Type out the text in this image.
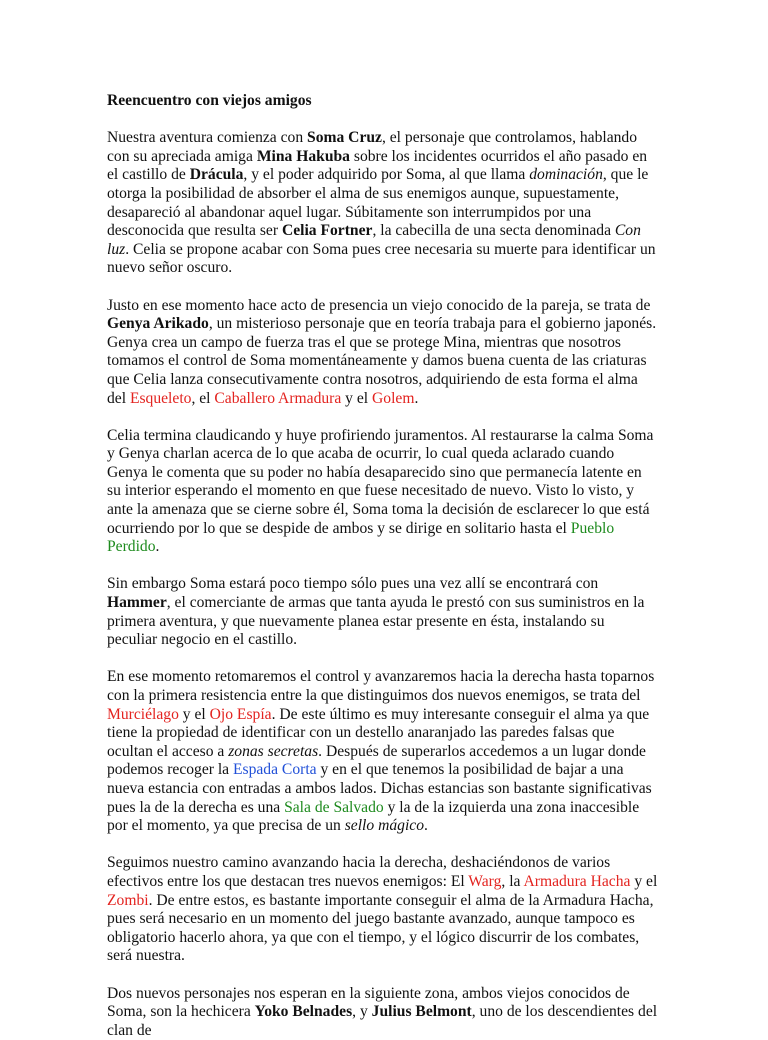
Reencuentro con viejos amigos

Nuestra aventura comienza con Soma Cruz, el personaje que controlamos, hablando con su apreciada amiga Mina Hakuba sobre los incidentes ocurridos el año pasado en el castillo de Drácula, y el poder adquirido por Soma, al que llama dominación, que le otorga la posibilidad de absorber el alma de sus enemigos aunque, supuestamente, desapareció al abandonar aquel lugar. Súbitamente son interrumpidos por una desconocida que resulta ser Celia Fortner, la cabecilla de una secta denominada Con luz. Celia se propone acabar con Soma pues cree necesaria su muerte para identificar un nuevo señor oscuro.

Justo en ese momento hace acto de presencia un viejo conocido de la pareja, se trata de Genya Arikado, un misterioso personaje que en teoría trabaja para el gobierno japonés. Genya crea un campo de fuerza tras el que se protege Mina, mientras que nosotros tomamos el control de Soma momentáneamente y damos buena cuenta de las criaturas que Celia lanza consecutivamente contra nosotros, adquiriendo de esta forma el alma del Esqueleto, el Caballero Armadura y el Golem.

Celia termina claudicando y huye profiriendo juramentos. Al restaurarse la calma Soma y Genya charlan acerca de lo que acaba de ocurrir, lo cual queda aclarado cuando Genya le comenta que su poder no había desaparecido sino que permanecía latente en su interior esperando el momento en que fuese necesitado de nuevo. Visto lo visto, y ante la amenaza que se cierne sobre él, Soma toma la decisión de esclarecer lo que está ocurriendo por lo que se despide de ambos y se dirige en solitario hasta el Pueblo Perdido.

Sin embargo Soma estará poco tiempo sólo pues una vez allí se encontrará con Hammer, el comerciante de armas que tanta ayuda le prestó con sus suministros en la primera aventura, y que nuevamente planea estar presente en ésta, instalando su peculiar negocio en el castillo.

En ese momento retomaremos el control y avanzaremos hacia la derecha hasta toparnos con la primera resistencia entre la que distinguimos dos nuevos enemigos, se trata del Murciélago y el Ojo Espía. De este último es muy interesante conseguir el alma ya que tiene la propiedad de identificar con un destello anaranjado las paredes falsas que ocultan el acceso a zonas secretas. Después de superarlos accedemos a un lugar donde podemos recoger la Espada Corta y en el que tenemos la posibilidad de bajar a una nueva estancia con entradas a ambos lados. Dichas estancias son bastante significativas pues la de la derecha es una Sala de Salvado y la de la izquierda una zona inaccesible por el momento, ya que precisa de un sello mágico.

Seguimos nuestro camino avanzando hacia la derecha, deshaciéndonos de varios efectivos entre los que destacan tres nuevos enemigos: El Warg, la Armadura Hacha y el Zombi. De entre estos, es bastante importante conseguir el alma de la Armadura Hacha, pues será necesario en un momento del juego bastante avanzado, aunque tampoco es obligatorio hacerlo ahora, ya que con el tiempo, y el lógico discurrir de los combates, será nuestra.

Dos nuevos personajes nos esperan en la siguiente zona, ambos viejos conocidos de Soma, son la hechicera Yoko Belnades, y Julius Belmont, uno de los descendientes del clan de
